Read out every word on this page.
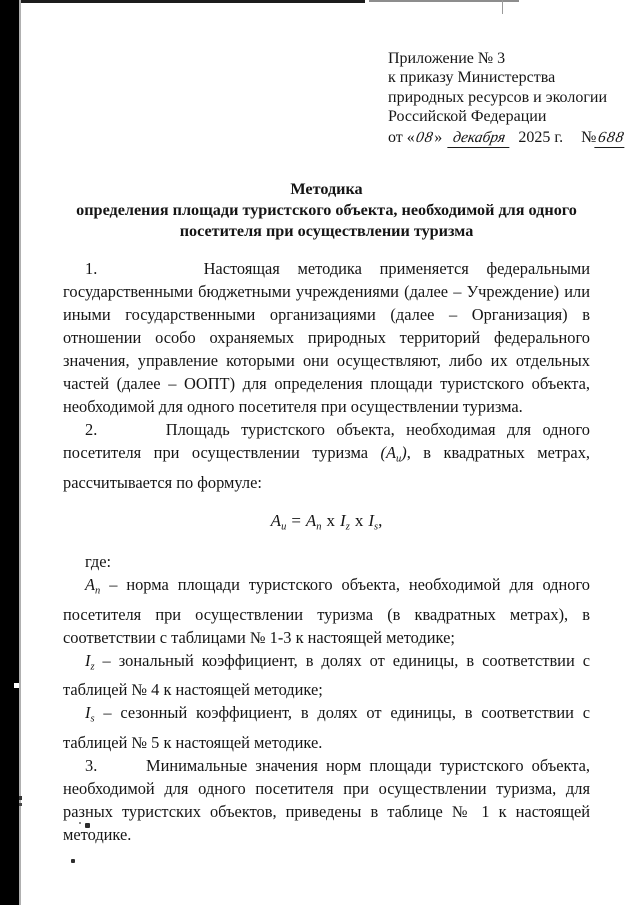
Приложение № 3
к приказу Министерства
природных ресурсов и экологии
Российской Федерации
от «08» декабря 2025 г. №688
Методика
определения площади туристского объекта, необходимой для одного
посетителя при осуществлении туризма

1.      Настоящая методика применяется федеральными государственными бюджетными учреждениями (далее – Учреждение) или иными государственными организациями (далее – Организация) в отношении особо охраняемых природных территорий федерального значения, управление которыми они осуществляют, либо их отдельных частей (далее – ООПТ) для определения площади туристского объекта, необходимой для одного посетителя при осуществлении туризма.

2.      Площадь туристского объекта, необходимая для одного посетителя при осуществлении туризма $(А_и)$, в квадратных метрах, рассчитывается по формуле:

$А_и = А_п$ х $I_z$ х $I_s$,

где:

$А_п$ – норма площади туристского объекта, необходимой для одного посетителя при осуществлении туризма (в квадратных метрах), в соответствии с таблицами № 1-3 к настоящей методике;

$I_z$ – зональный коэффициент, в долях от единицы, в соответствии с таблицей № 4 к настоящей методике;

$I_s$ – сезонный коэффициент, в долях от единицы, в соответствии с таблицей № 5 к настоящей методике.

3.      Минимальные значения норм площади туристского объекта, необходимой для одного посетителя при осуществлении туризма, для разных туристских объектов, приведены в таблице № 1 к настоящей методике.
